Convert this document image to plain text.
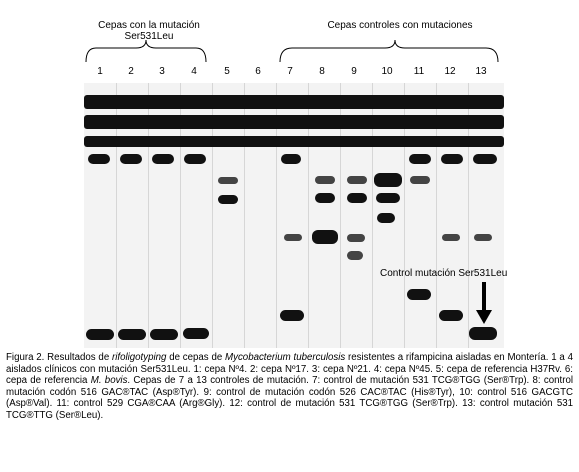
Cepas con la mutación
Ser531Leu
Cepas controles con mutaciones
1	2	3	4	5	6	7	8	9	10	11	12	13
Control mutación Ser531Leu
Figura 2. Resultados de rifoligotyping de cepas de Mycobacterium tuberculosis resistentes a rifampicina aisladas en Montería. 1 a 4 aislados clínicos con mutación Ser531Leu. 1: cepa Nº4. 2: cepa Nº17. 3: cepa Nº21. 4: cepa Nº45. 5: cepa de referencia H37Rv. 6: cepa de referencia M. bovis. Cepas de 7 a 13 controles de mutación. 7: control de mutación 531 TCG®TGG (Ser®Trp). 8: control mutación codón 516 GAC®TAC (Asp®Tyr). 9: control de mutación codón 526 CAC®TAC (His®Tyr), 10: control 516 GACGTC (Asp®Val). 11: control 529 CGA®CAA (Arg®Gly). 12: control de mutación 531 TCG®TGG (Ser®Trp). 13: control mutación 531 TCG®TTG (Ser®Leu).
